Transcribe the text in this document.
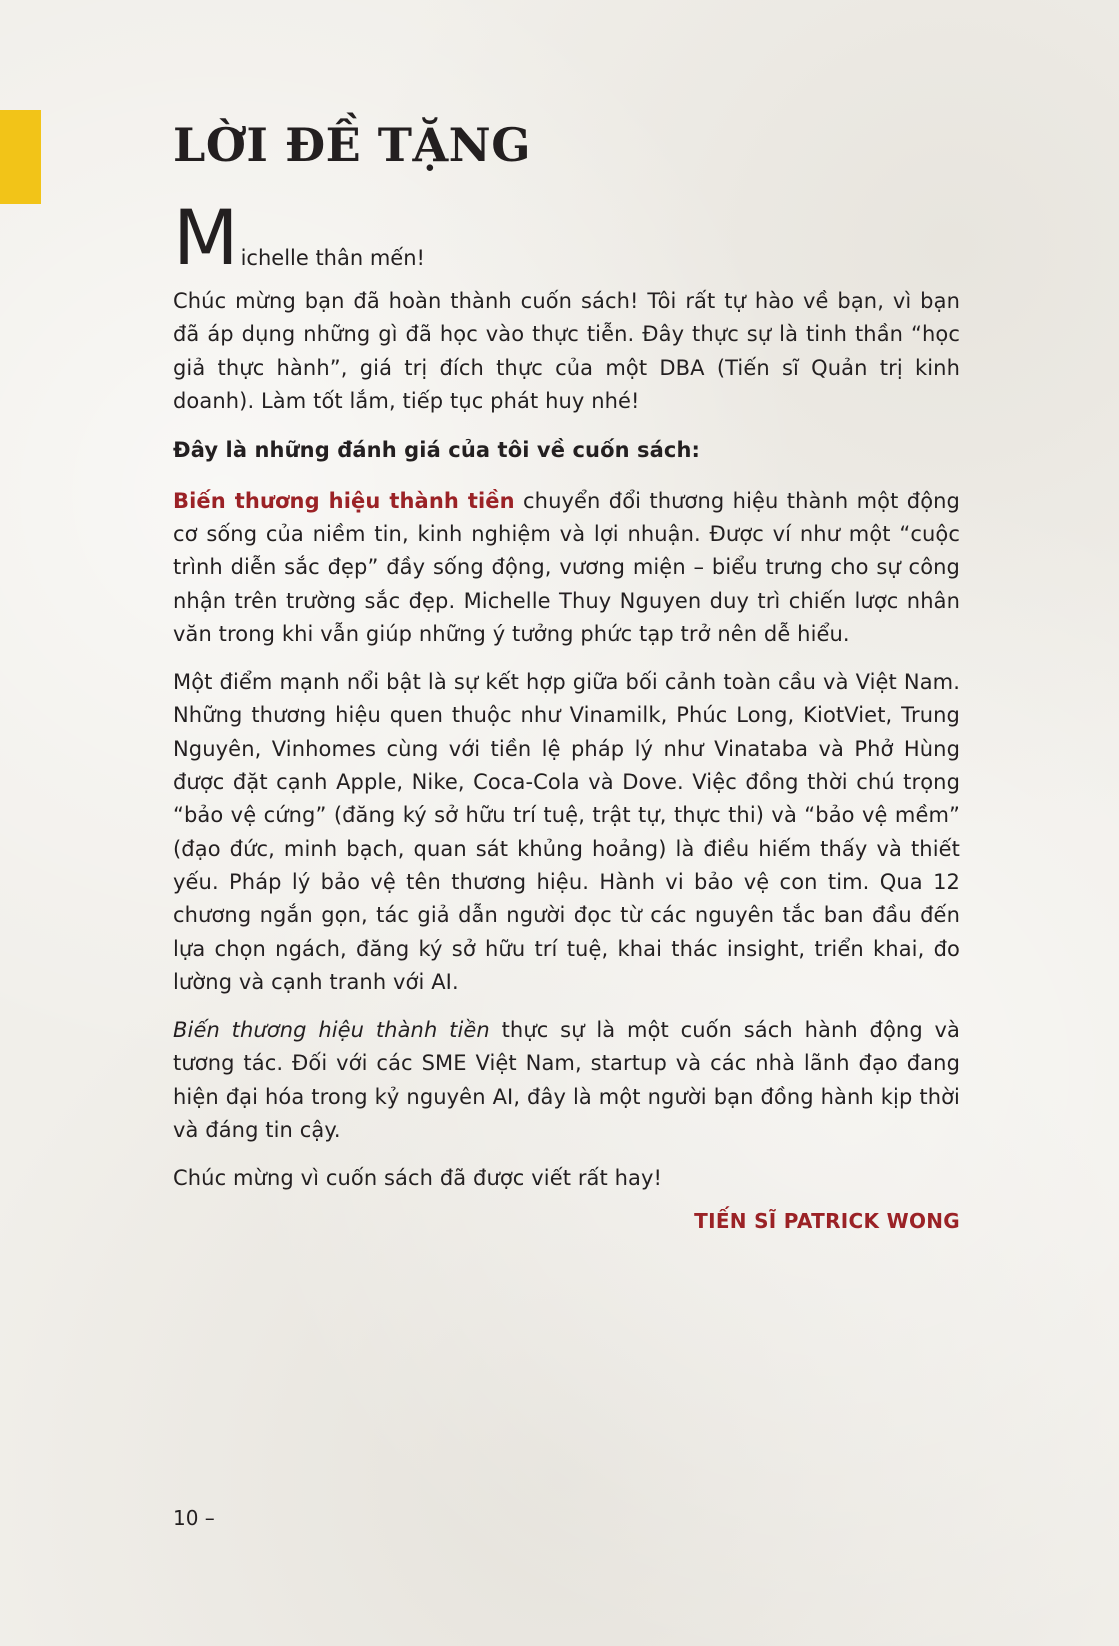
LỜI ĐỀ TẶNG
M ichelle thân mến!

Chúc mừng bạn đã hoàn thành cuốn sách! Tôi rất tự hào về bạn, vì bạn đã áp dụng những gì đã học vào thực tiễn. Đây thực sự là tinh thần “học giả thực hành”, giá trị đích thực của một DBA (Tiến sĩ Quản trị kinh doanh). Làm tốt lắm, tiếp tục phát huy nhé!

Đây là những đánh giá của tôi về cuốn sách:

Biến thương hiệu thành tiền chuyển đổi thương hiệu thành một động cơ sống của niềm tin, kinh nghiệm và lợi nhuận. Được ví như một “cuộc trình diễn sắc đẹp” đầy sống động, vương miện – biểu trưng cho sự công nhận trên trường sắc đẹp. Michelle Thuy Nguyen duy trì chiến lược nhân văn trong khi vẫn giúp những ý tưởng phức tạp trở nên dễ hiểu.

Một điểm mạnh nổi bật là sự kết hợp giữa bối cảnh toàn cầu và Việt Nam. Những thương hiệu quen thuộc như Vinamilk, Phúc Long, KiotViet, Trung Nguyên, Vinhomes cùng với tiền lệ pháp lý như Vinataba và Phở Hùng được đặt cạnh Apple, Nike, Coca-Cola và Dove. Việc đồng thời chú trọng “bảo vệ cứng” (đăng ký sở hữu trí tuệ, trật tự, thực thi) và “bảo vệ mềm” (đạo đức, minh bạch, quan sát khủng hoảng) là điều hiếm thấy và thiết yếu. Pháp lý bảo vệ tên thương hiệu. Hành vi bảo vệ con tim. Qua 12 chương ngắn gọn, tác giả dẫn người đọc từ các nguyên tắc ban đầu đến lựa chọn ngách, đăng ký sở hữu trí tuệ, khai thác insight, triển khai, đo lường và cạnh tranh với AI.

Biến thương hiệu thành tiền thực sự là một cuốn sách hành động và tương tác. Đối với các SME Việt Nam, startup và các nhà lãnh đạo đang hiện đại hóa trong kỷ nguyên AI, đây là một người bạn đồng hành kịp thời và đáng tin cậy.

Chúc mừng vì cuốn sách đã được viết rất hay!

TIẾN SĨ PATRICK WONG
10 –
